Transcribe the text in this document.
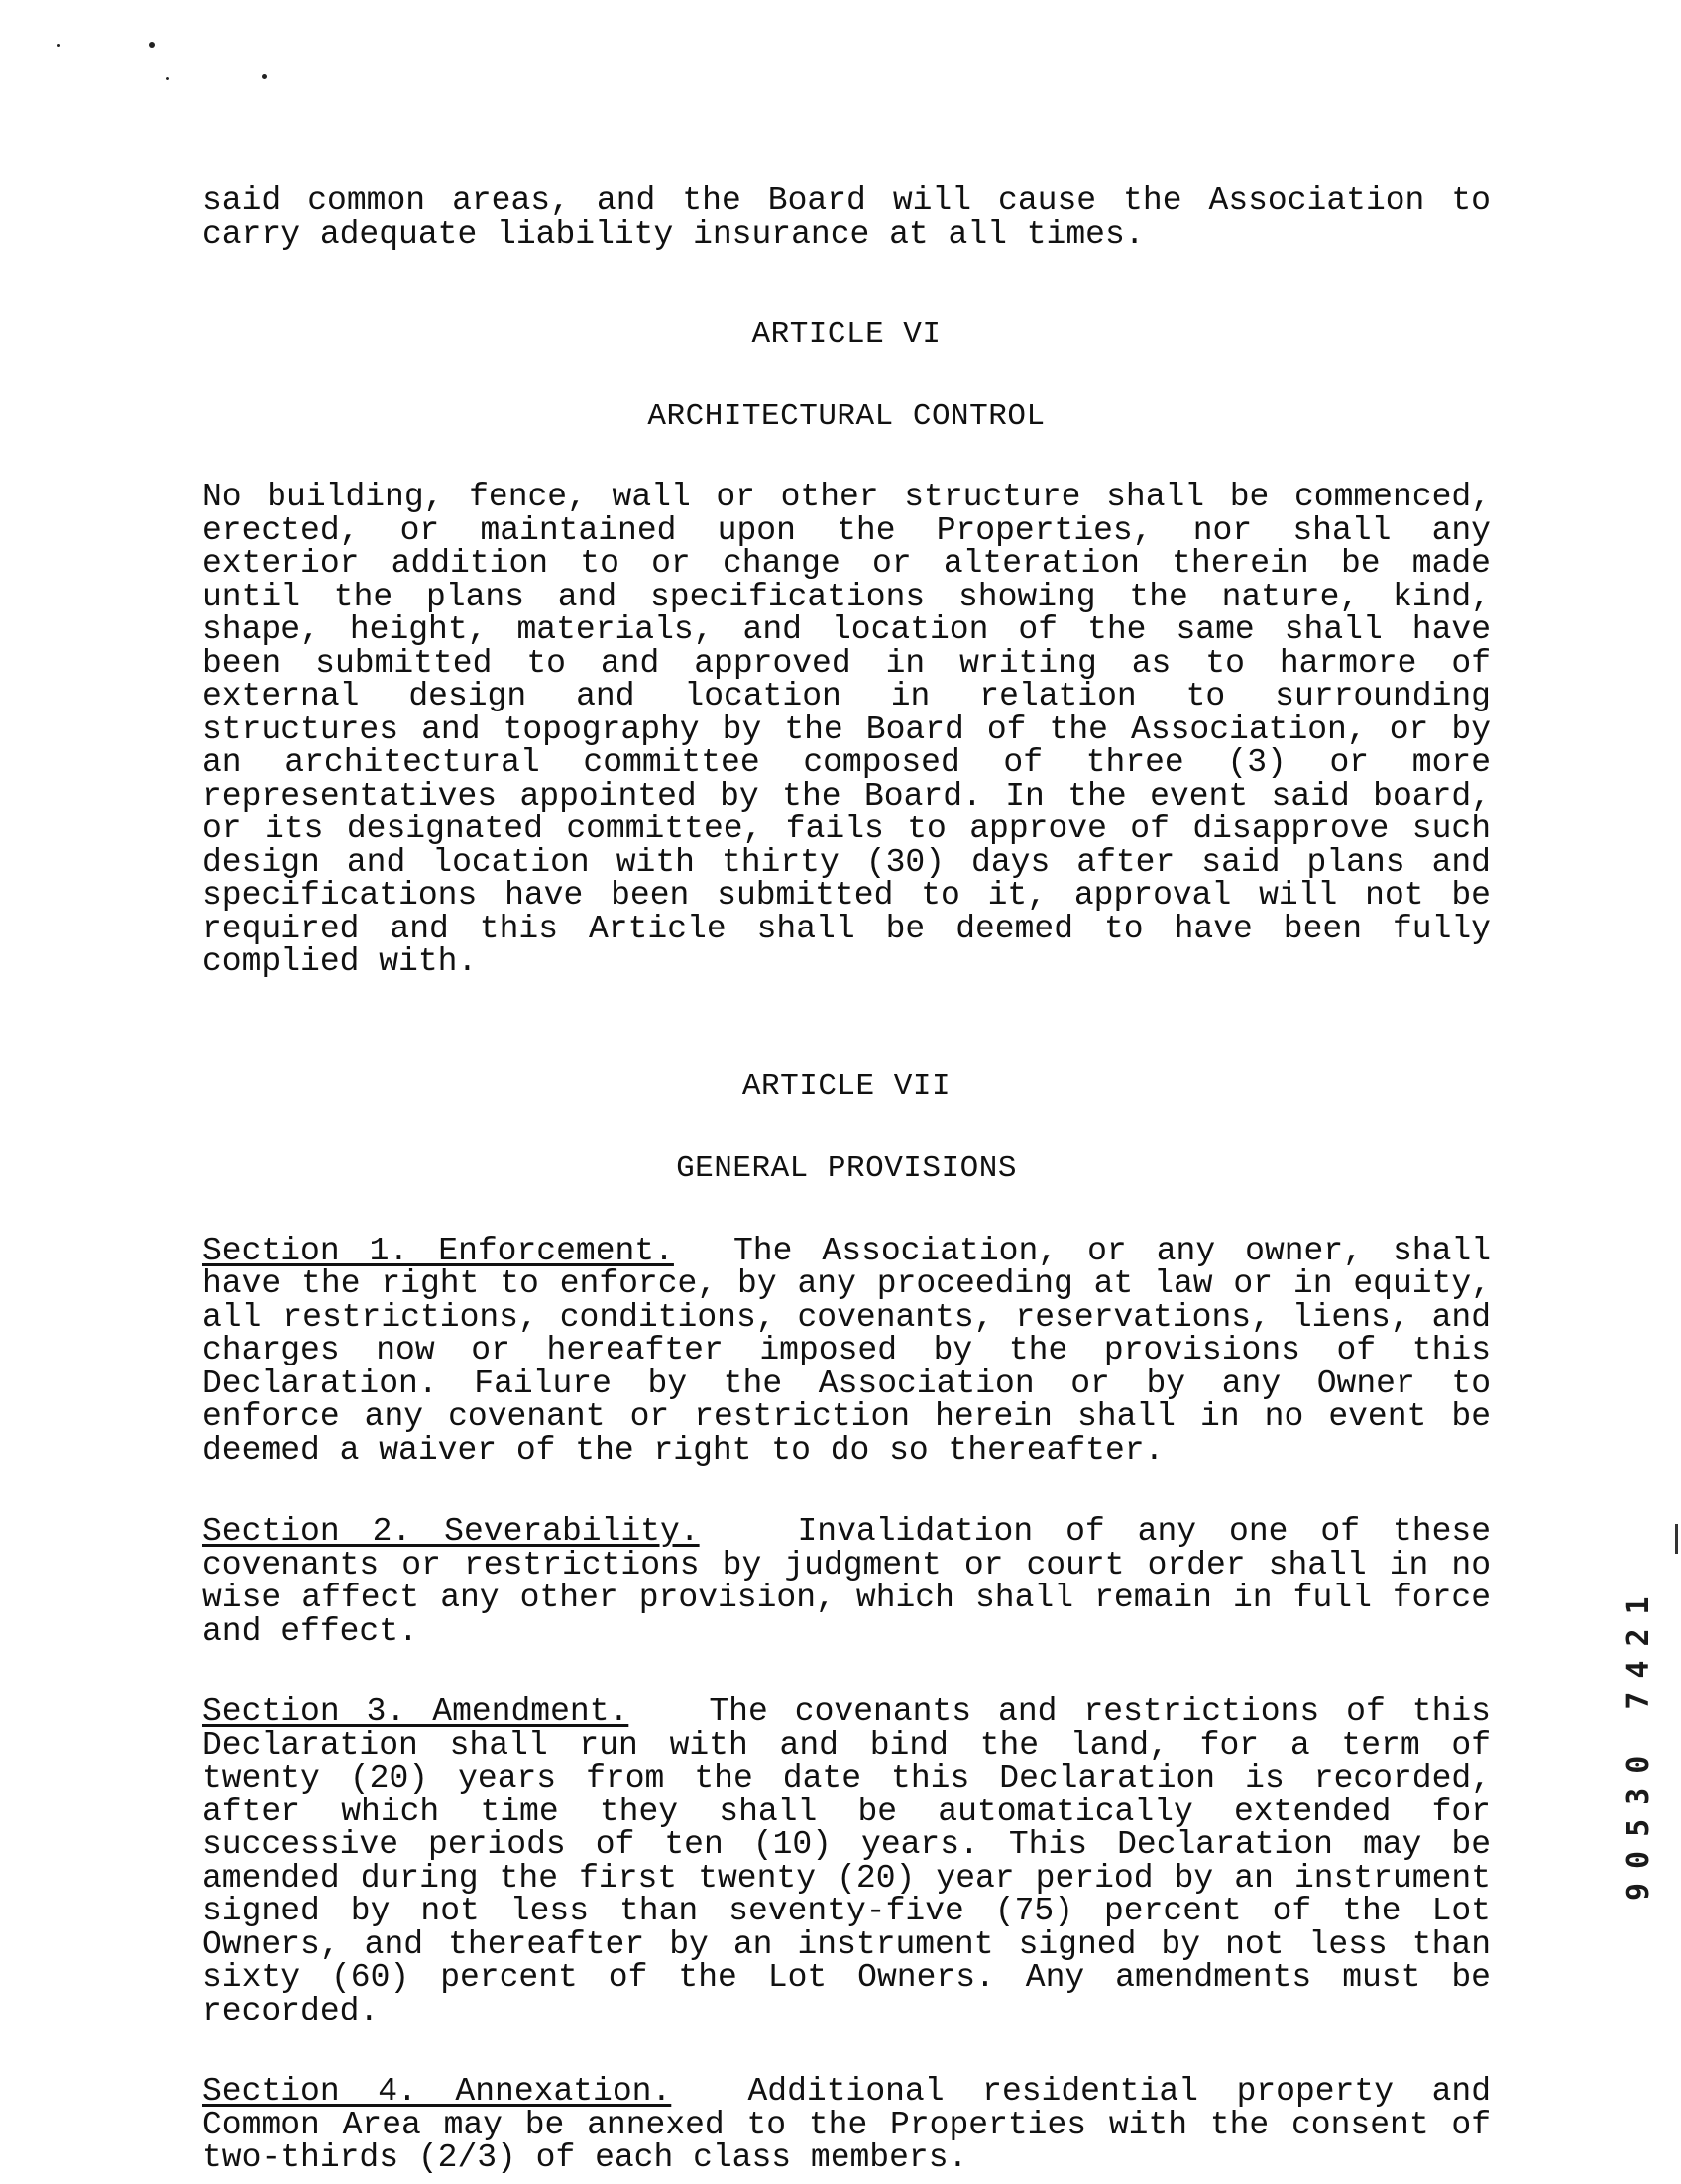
said common areas, and the Board will cause the Association to carry adequate liability insurance at all times.

ARTICLE VI

ARCHITECTURAL CONTROL

No building, fence, wall or other structure shall be commenced, erected, or maintained upon the Properties, nor shall any exterior addition to or change or alteration therein be made until the plans and specifications showing the nature, kind, shape, height, materials, and location of the same shall have been submitted to and approved in writing as to harmore of external design and location in relation to surrounding structures and topography by the Board of the Association, or by an architectural committee composed of three (3) or more representatives appointed by the Board. In the event said board, or its designated committee, fails to approve of disapprove such design and location with thirty (30) days after said plans and specifications have been submitted to it, approval will not be required and this Article shall be deemed to have been fully complied with.

ARTICLE VII

GENERAL PROVISIONS

Section 1. Enforcement. The Association, or any owner, shall have the right to enforce, by any proceeding at law or in equity, all restrictions, conditions, covenants, reservations, liens, and charges now or hereafter imposed by the provisions of this Declaration. Failure by the Association or by any Owner to enforce any covenant or restriction herein shall in no event be deemed a waiver of the right to do so thereafter.

Section 2. Severability.	Invalidation of any one of these covenants or restrictions by judgment or court order shall in no wise affect any other provision, which shall remain in full force and effect.

Section 3. Amendment. The covenants and restrictions of this Declaration shall run with and bind the land, for a term of twenty (20) years from the date this Declaration is recorded, after which time they shall be automatically extended for successive periods of ten (10) years. This Declaration may be amended during the first twenty (20) year period by an instrument signed by not less than seventy-five (75) percent of the Lot Owners, and thereafter by an instrument signed by not less than sixty (60) percent of the Lot Owners. Any amendments must be recorded.

Section 4. Annexation. Additional residential property and Common Area may be annexed to the Properties with the consent of two-thirds (2/3) of each class members.

90530 7421
